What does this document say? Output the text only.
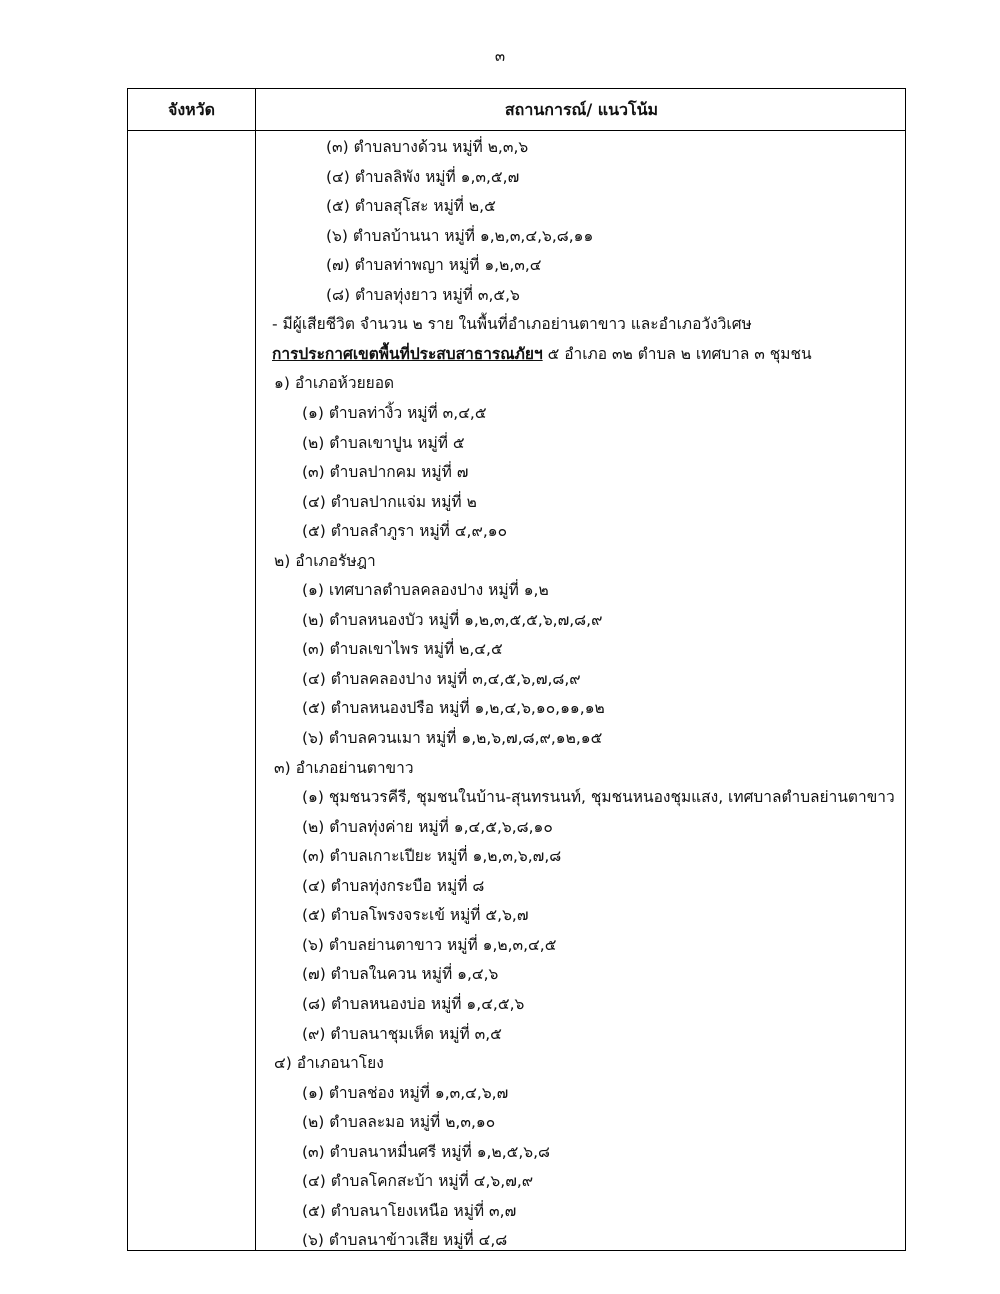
๓
จังหวัด	สถานการณ์/ แนวโน้ม
(๓) ตำบลบางด้วน หมู่ที่ ๒,๓,๖
(๔) ตำบลลิพัง หมู่ที่ ๑,๓,๕,๗
(๕) ตำบลสุโสะ หมู่ที่ ๒,๕
(๖) ตำบลบ้านนา หมู่ที่ ๑,๒,๓,๔,๖,๘,๑๑
(๗) ตำบลท่าพญา หมู่ที่ ๑,๒,๓,๔
(๘) ตำบลทุ่งยาว หมู่ที่ ๓,๕,๖
- มีผู้เสียชีวิต จำนวน ๒ ราย ในพื้นที่อำเภอย่านตาขาว และอำเภอวังวิเศษ
การประกาศเขตพื้นที่ประสบสาธารณภัยฯ ๕ อำเภอ ๓๒ ตำบล ๒ เทศบาล ๓ ชุมชน
๑) อำเภอห้วยยอด
(๑) ตำบลท่างิ้ว หมู่ที่ ๓,๔,๕
(๒) ตำบลเขาปูน หมู่ที่ ๕
(๓) ตำบลปากคม หมู่ที่ ๗
(๔) ตำบลปากแจ่ม หมู่ที่ ๒
(๕) ตำบลลำภูรา หมู่ที่ ๔,๙,๑๐
๒) อำเภอรัษฎา
(๑) เทศบาลตำบลคลองปาง หมู่ที่ ๑,๒
(๒) ตำบลหนองบัว หมู่ที่ ๑,๒,๓,๕,๕,๖,๗,๘,๙
(๓) ตำบลเขาไพร หมู่ที่ ๒,๔,๕
(๔) ตำบลคลองปาง หมู่ที่ ๓,๔,๕,๖,๗,๘,๙
(๕) ตำบลหนองปรือ หมู่ที่ ๑,๒,๔,๖,๑๐,๑๑,๑๒
(๖) ตำบลควนเมา หมู่ที่ ๑,๒,๖,๗,๘,๙,๑๒,๑๕
๓) อำเภอย่านตาขาว
(๑) ชุมชนวรคีรี, ชุมชนในบ้าน-สุนทรนนท์, ชุมชนหนองชุมแสง, เทศบาลตำบลย่านตาขาว
(๒) ตำบลทุ่งค่าย หมู่ที่ ๑,๔,๕,๖,๘,๑๐
(๓) ตำบลเกาะเปียะ หมู่ที่ ๑,๒,๓,๖,๗,๘
(๔) ตำบลทุ่งกระบือ หมู่ที่ ๘
(๕) ตำบลโพรงจระเข้ หมู่ที่ ๕,๖,๗
(๖) ตำบลย่านตาขาว หมู่ที่ ๑,๒,๓,๔,๕
(๗) ตำบลในควน หมู่ที่ ๑,๔,๖
(๘) ตำบลหนองบ่อ หมู่ที่ ๑,๔,๕,๖
(๙) ตำบลนาชุมเห็ด หมู่ที่ ๓,๕
๔) อำเภอนาโยง
(๑) ตำบลช่อง หมู่ที่ ๑,๓,๔,๖,๗
(๒) ตำบลละมอ หมู่ที่ ๒,๓,๑๐
(๓) ตำบลนาหมื่นศรี หมู่ที่ ๑,๒,๕,๖,๘
(๔) ตำบลโคกสะบ้า หมู่ที่ ๔,๖,๗,๙
(๕) ตำบลนาโยงเหนือ หมู่ที่ ๓,๗
(๖) ตำบลนาข้าวเสีย หมู่ที่ ๔,๘
